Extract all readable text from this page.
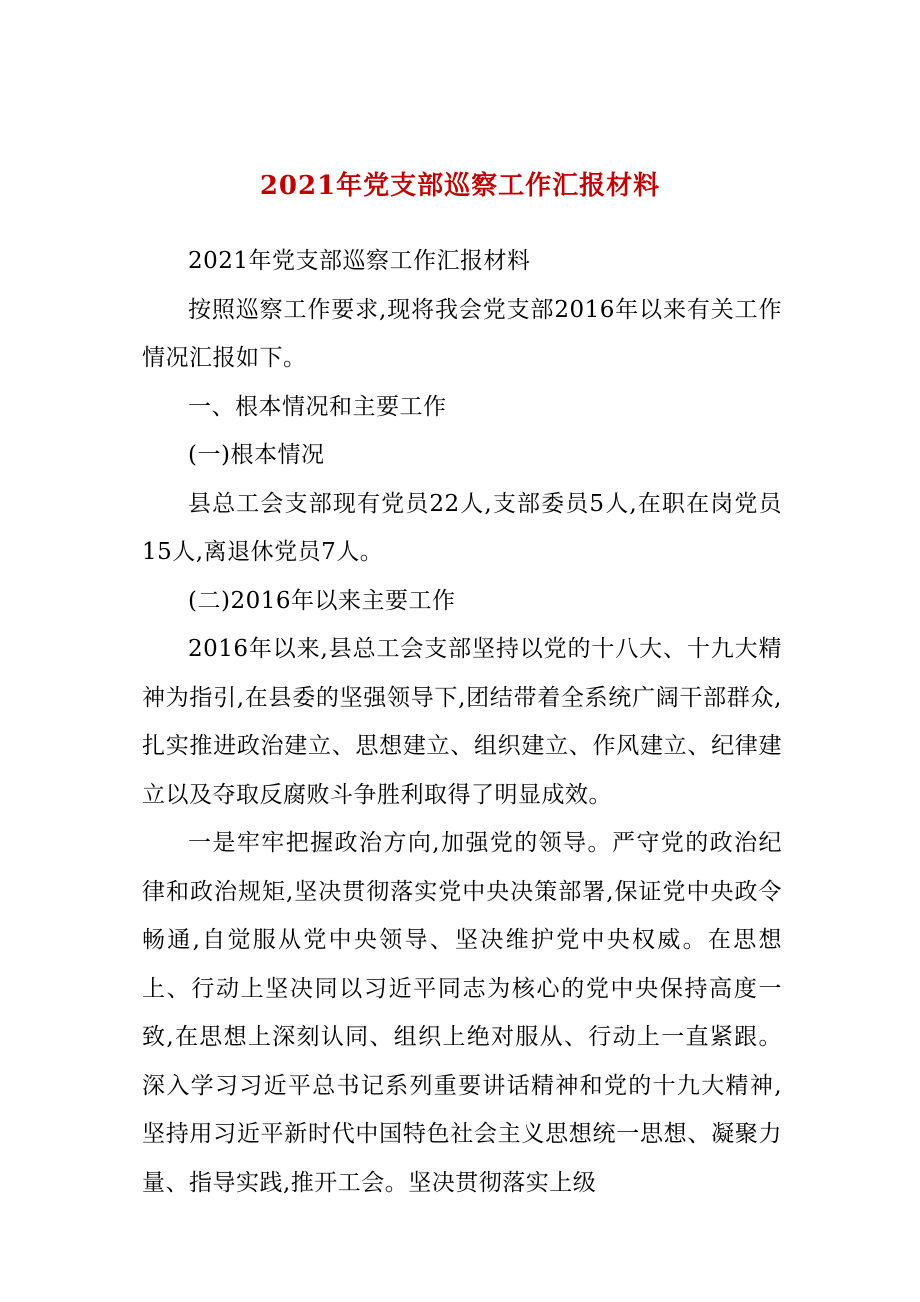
2021年党支部巡察工作汇报材料

2021年党支部巡察工作汇报材料

按照巡察工作要求,现将我会党支部2016年以来有关工作情况汇报如下。

一、根本情况和主要工作

(一)根本情况

县总工会支部现有党员22人,支部委员5人,在职在岗党员15人,离退休党员7人。

(二)2016年以来主要工作

2016年以来,县总工会支部坚持以党的十八大、十九大精神为指引,在县委的坚强领导下,团结带着全系统广阔干部群众,扎实推进政治建立、思想建立、组织建立、作风建立、纪律建立以及夺取反腐败斗争胜利取得了明显成效。

一是牢牢把握政治方向,加强党的领导。严守党的政治纪律和政治规矩,坚决贯彻落实党中央决策部署,保证党中央政令畅通,自觉服从党中央领导、坚决维护党中央权威。在思想上、行动上坚决同以习近平同志为核心的党中央保持高度一致,在思想上深刻认同、组织上绝对服从、行动上一直紧跟。深入学习习近平总书记系列重要讲话精神和党的十九大精神,坚持用习近平新时代中国特色社会主义思想统一思想、凝聚力量、指导实践,推开工会。坚决贯彻落实上级
